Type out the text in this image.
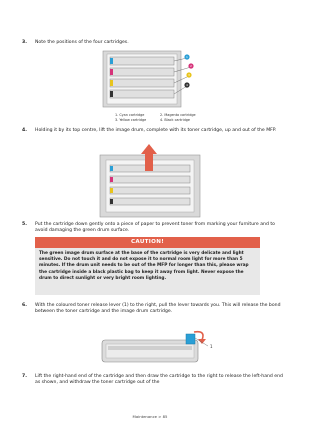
3. Note the positions of the four cartridges.
1
2
3
4
1. Cyan cartridge	2. Magenta cartridge
3. Yellow cartridge	4. Black cartridge
4. Holding it by its top centre, lift the image drum, complete with its toner cartridge, up and out of the MFP.
5. Put the cartridge down gently onto a piece of paper to prevent toner from marking your furniture and to avoid damaging the green drum surface.
CAUTION!
The green image drum surface at the base of the cartridge is very delicate and light sensitive. Do not touch it and do not expose it to normal room light for more than 5 minutes. If the drum unit needs to be out of the MFP for longer than this, please wrap the cartridge inside a black plastic bag to keep it away from light. Never expose the drum to direct sunlight or very bright room lighting.
6. With the coloured toner release lever (1) to the right, pull the lever towards you. This will release the bond between the toner cartridge and the image drum cartridge.
1
7. Lift the right-hand end of the cartridge and then draw the cartridge to the right to release the left-hand end as shown, and withdraw the toner cartridge out of the
Maintenance > 85
